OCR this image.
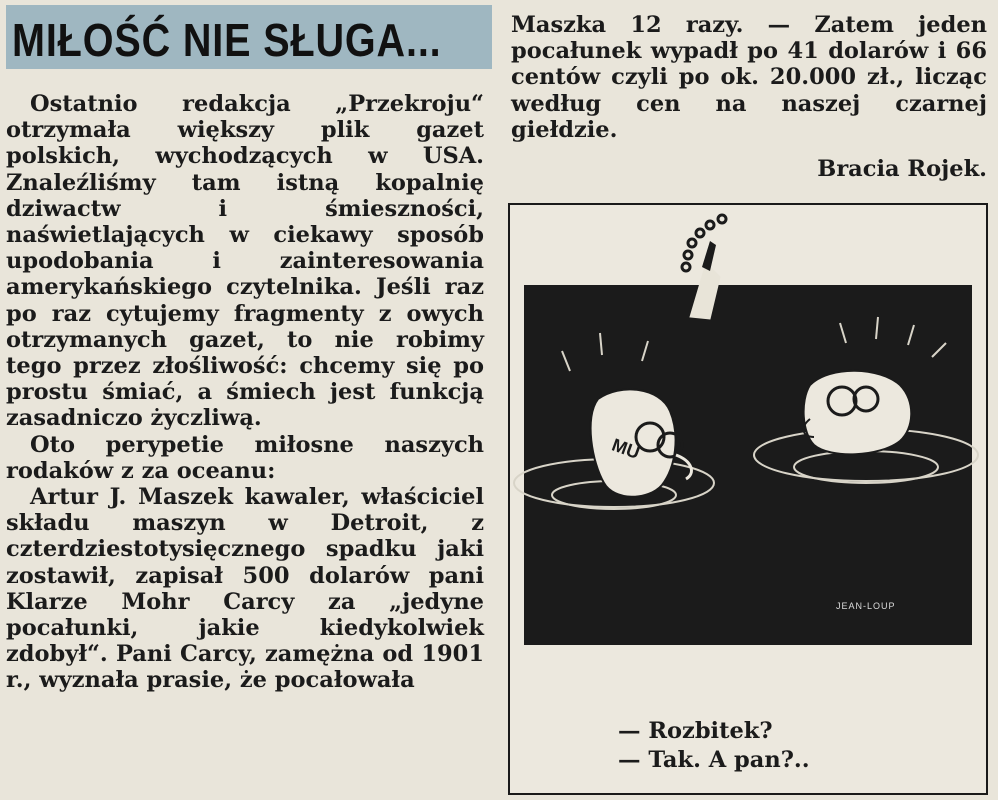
MIŁOŚĆ NIE SŁUGA...

Ostatnio redakcja „Przekroju“ otrzymała większy plik gazet polskich, wychodzących w USA. Znaleźliśmy tam istną kopalnię dziwactw i śmieszności, naświetlających w ciekawy sposób upodobania i zainteresowania amerykańskiego czytelnika. Jeśli raz po raz cytujemy fragmenty z owych otrzymanych gazet, to nie robimy tego przez złośliwość: chcemy się po prostu śmiać, a śmiech jest funkcją zasadniczo życzliwą.

Oto perypetie miłosne naszych rodaków z za oceanu:

Artur J. Maszek kawaler, właściciel składu maszyn w Detroit, z czterdziestotysięcznego spadku jaki zostawił, zapisał 500 dolarów pani Klarze Mohr Carcy za „jedyne pocałunki, jakie kiedykolwiek zdobył“. Pani Carcy, zamężna od 1901 r., wyznała prasie, że pocałowała

Maszka 12 razy. — Zatem jeden pocałunek wypadł po 41 dolarów i 66 centów czyli po ok. 20.000 zł., licząc według cen na naszej czarnej giełdzie.

Bracia Rojek.
MU
JEAN-LOUP
— Rozbitek?
— Tak. A pan?..
